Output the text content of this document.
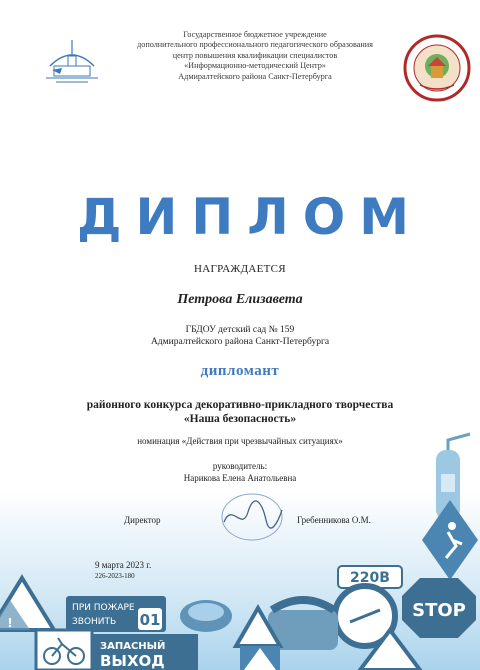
Государственное бюджетное учреждение
дополнительного профессионального педагогического образования
центр повышения квалификации специалистов
«Информационно-методический Центр»
Адмиралтейского района Санкт-Петербурга
ДИПЛОМ
НАГРАЖДАЕТСЯ
Петрова Елизавета
ГБДОУ детский сад № 159
Адмиралтейского района Санкт-Петербурга
дипломант
районного конкурса декоративно-прикладного творчества
«Наша безопасность»
220В
STOP
ПРИ ПОЖАРЕ ЗВОНИТЬ	01
ЗАПАСНЫЙ ВЫХОД
!
номинация «Действия при чрезвычайных ситуациях»
руководитель:
Нарикова Елена Анатольевна
Директор	Гребенникова О.М.
9 марта 2023 г.
226-2023-180
